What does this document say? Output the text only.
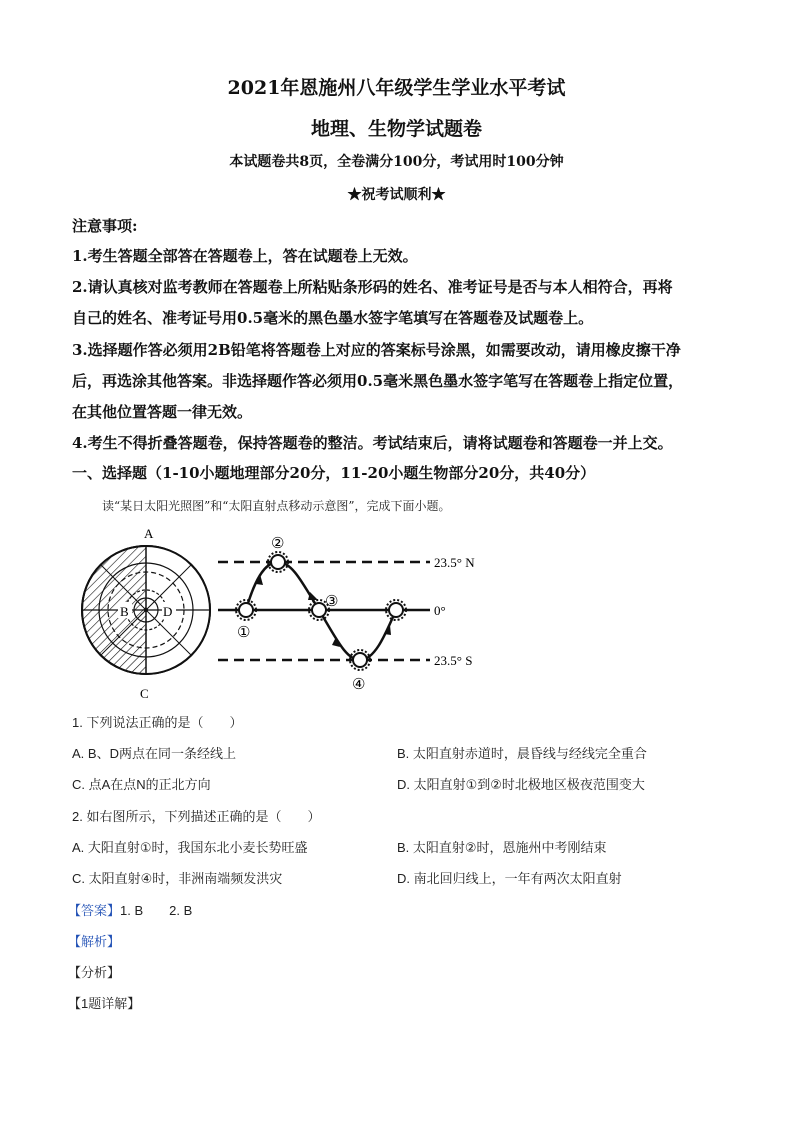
2021年恩施州八年级学生学业水平考试
地理、生物学试题卷
本试题卷共8页，全卷满分100分，考试用时100分钟
★祝考试顺利★
注意事项:
1.考生答题全部答在答题卷上，答在试题卷上无效。
2.请认真核对监考教师在答题卷上所粘贴条形码的姓名、准考证号是否与本人相符合，再将
自己的姓名、准考证号用0.5毫米的黑色墨水签字笔填写在答题卷及试题卷上。
3.选择题作答必须用2B铅笔将答题卷上对应的答案标号涂黑，如需要改动，请用橡皮擦干净
后，再选涂其他答案。非选择题作答必须用0.5毫米黑色墨水签字笔写在答题卷上指定位置，
在其他位置答题一律无效。
4.考生不得折叠答题卷，保持答题卷的整洁。考试结束后，请将试题卷和答题卷一并上交。
一、选择题（1-10小题地理部分20分，11-20小题生物部分20分，共40分）
读“某日太阳光照图”和“太阳直射点移动示意图”，完成下面小题。
A
B
C
D
①
②
③
④
23.5° N
0°
23.5° S
1. 下列说法正确的是（　　）
A. B、D两点在同一条经线上	B. 太阳直射赤道时，晨昏线与经线完全重合
C. 点A在点N的正北方向	D. 太阳直射①到②时北极地区极夜范围变大
2. 如右图所示，下列描述正确的是（　　）
A. 大阳直射①时，我国东北小麦长势旺盛	B. 太阳直射②时，恩施州中考刚结束
C. 太阳直射④时，非洲南端频发洪灾	D. 南北回归线上，一年有两次太阳直射
【答案】1. B　　2. B
【解析】
【分析】
【1题详解】
